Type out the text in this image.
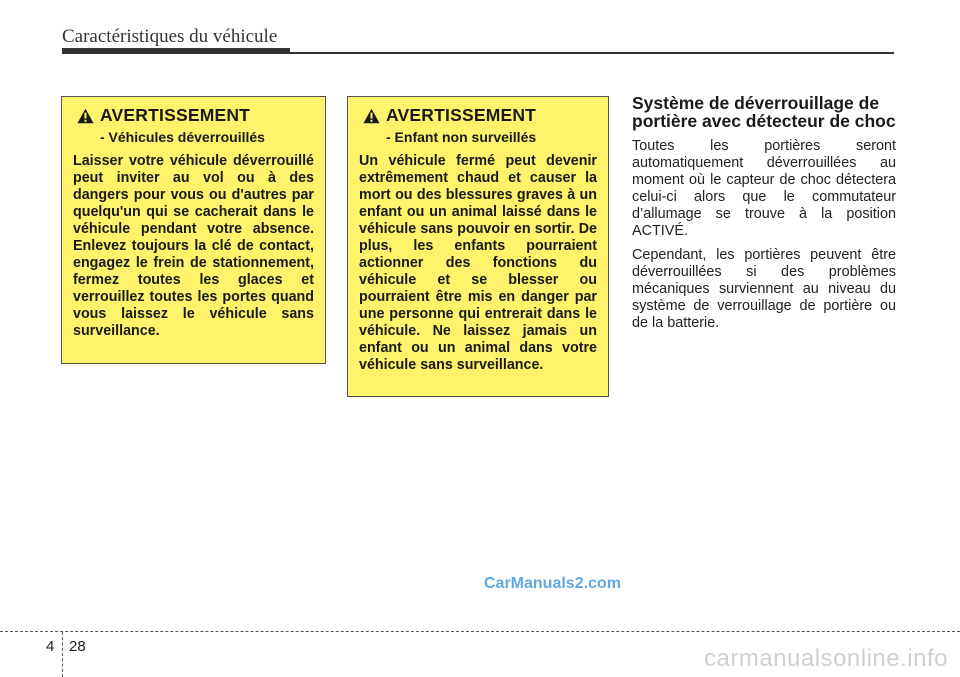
Caractéristiques du véhicule
AVERTISSEMENT
- Véhicules déverrouillés
Laisser votre véhicule déverrouillé peut inviter au vol ou à des dangers pour vous ou d'autres par quelqu'un qui se cacherait dans le véhicule pendant votre absence. Enlevez toujours la clé de contact, engagez le frein de stationnement, fermez toutes les glaces et verrouillez toutes les portes quand vous laissez le véhicule sans surveillance.
AVERTISSEMENT
- Enfant non surveillés
Un véhicule fermé peut devenir extrêmement chaud et causer la mort ou des blessures graves à un enfant ou un animal laissé dans le véhicule sans pouvoir en sortir. De plus, les enfants pourraient actionner des fonctions du véhicule et se blesser ou pourraient être mis en danger par une personne qui entrerait dans le véhicule. Ne laissez jamais un enfant ou un animal dans votre véhicule sans surveillance.
Système de déverrouillage de portière avec détecteur de choc

Toutes les portières seront automatiquement déverrouillées au moment où le capteur de choc détectera celui-ci alors que le commutateur d’allumage se trouve à la position ACTIVÉ.

Cependant, les portières peuvent être déverrouillées si des problèmes mécaniques surviennent au niveau du système de verrouillage de portière ou de la batterie.

CarManuals2.com
4 28	carmanualsonline.info
